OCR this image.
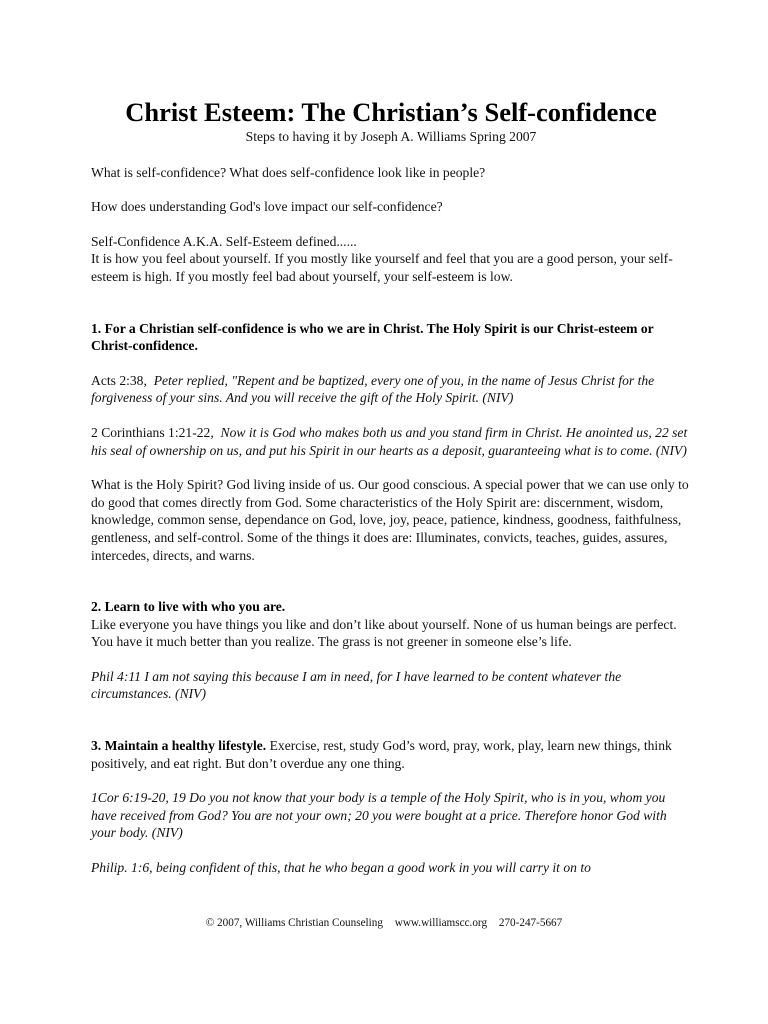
Christ Esteem: The Christian’s Self-confidence
Steps to having it by Joseph A. Williams Spring 2007

What is self-confidence? What does self-confidence look like in people?

How does understanding God's love impact our self-confidence?

Self-Confidence A.K.A. Self-Esteem defined......

It is how you feel about yourself. If you mostly like yourself and feel that you are a good person, your self-esteem is high. If you mostly feel bad about yourself, your self-esteem is low.

1. For a Christian self-confidence is who we are in Christ. The Holy Spirit is our Christ-esteem or Christ-confidence.

Acts 2:38, Peter replied, "Repent and be baptized, every one of you, in the name of Jesus Christ for the forgiveness of your sins. And you will receive the gift of the Holy Spirit. (NIV)

2 Corinthians 1:21-22, Now it is God who makes both us and you stand firm in Christ. He anointed us, 22 set his seal of ownership on us, and put his Spirit in our hearts as a deposit, guaranteeing what is to come. (NIV)

What is the Holy Spirit? God living inside of us. Our good conscious. A special power that we can use only to do good that comes directly from God. Some characteristics of the Holy Spirit are: discernment, wisdom, knowledge, common sense, dependance on God, love, joy, peace, patience, kindness, goodness, faithfulness, gentleness, and self-control. Some of the things it does are: Illuminates, convicts, teaches, guides, assures, intercedes, directs, and warns.

2. Learn to live with who you are.

Like everyone you have things you like and don’t like about yourself. None of us human beings are perfect. You have it much better than you realize. The grass is not greener in someone else’s life.

Phil 4:11 I am not saying this because I am in need, for I have learned to be content whatever the circumstances. (NIV)

3. Maintain a healthy lifestyle. Exercise, rest, study God’s word, pray, work, play, learn new things, think positively, and eat right. But don’t overdue any one thing.

1Cor 6:19-20, 19 Do you not know that your body is a temple of the Holy Spirit, who is in you, whom you have received from God? You are not your own; 20 you were bought at a price. Therefore honor God with your body. (NIV)

Philip. 1:6, being confident of this, that he who began a good work in you will carry it on to

© 2007, Williams Christian Counseling www.williamscc.org 270-247-5667
